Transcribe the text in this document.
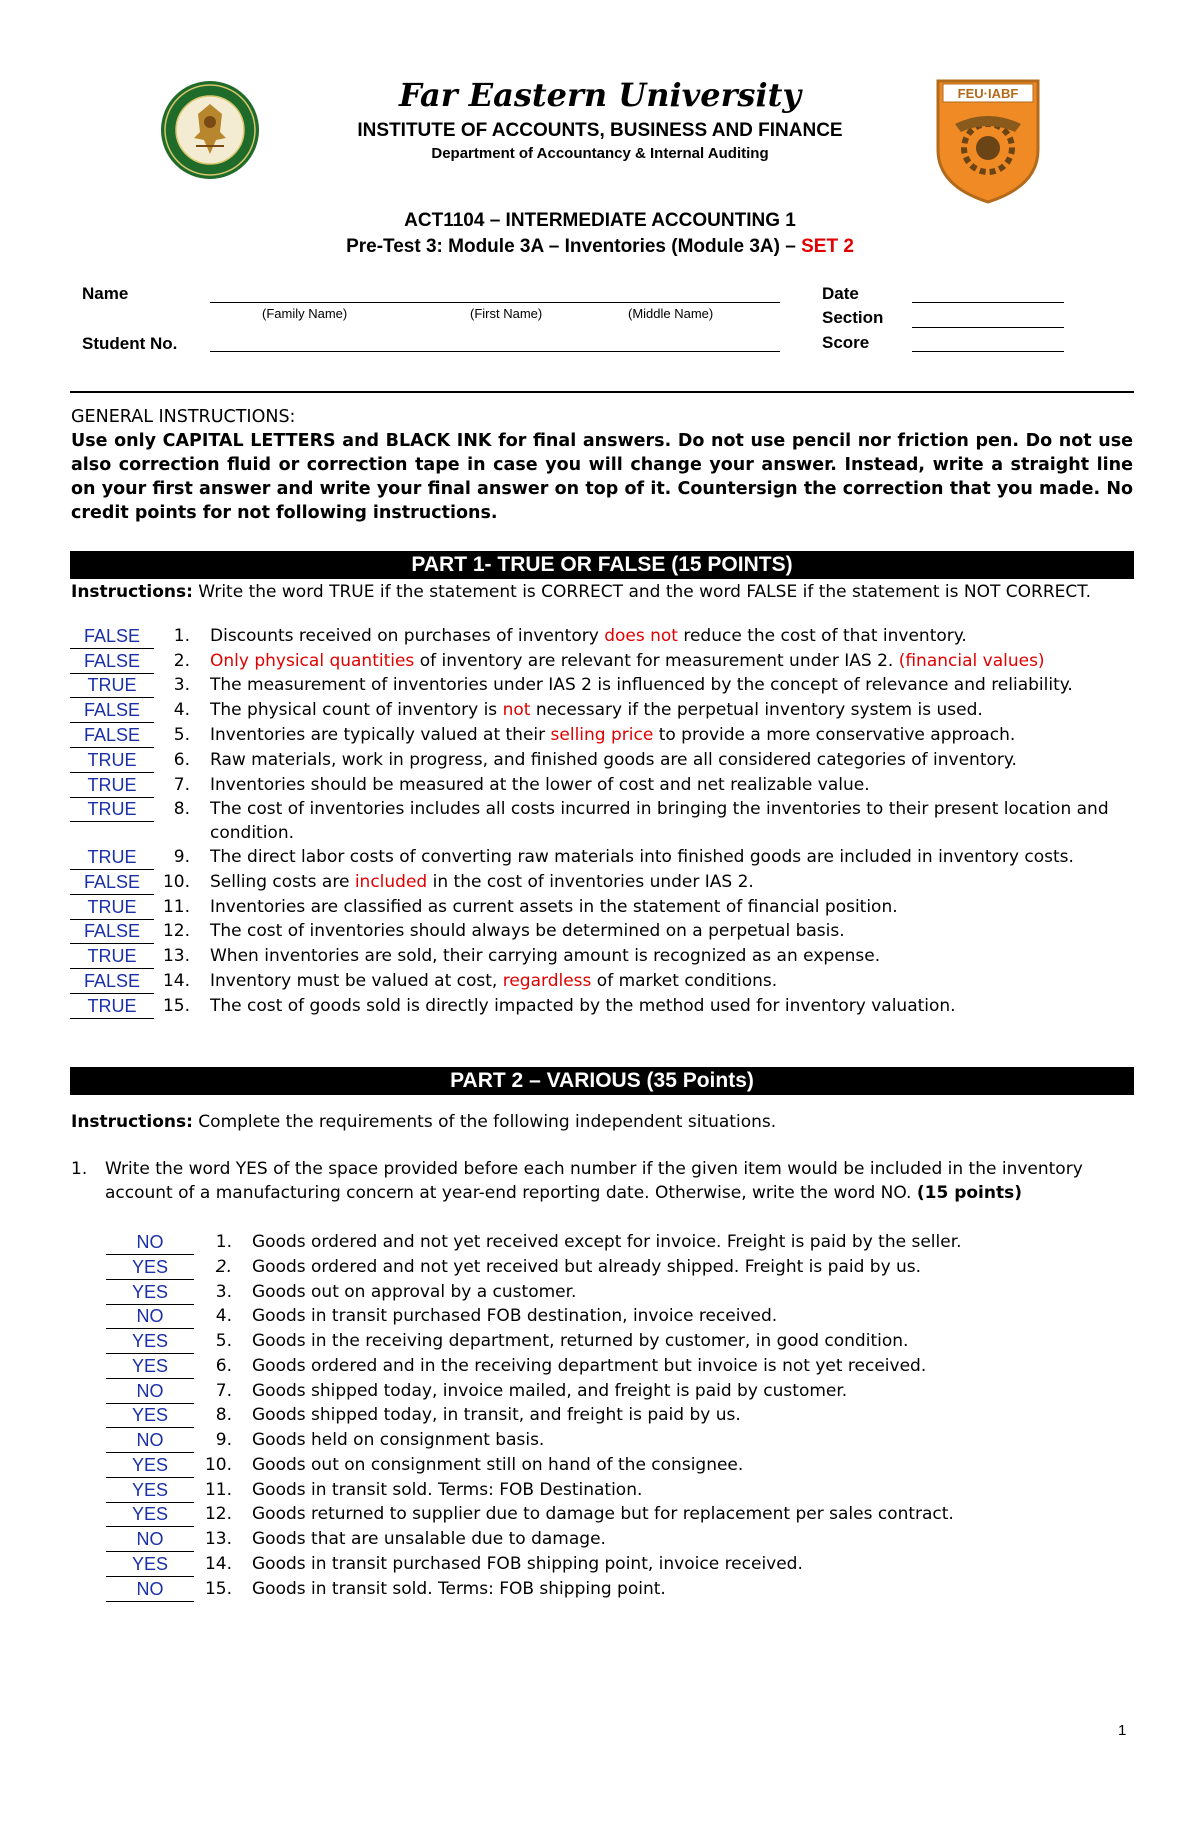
FEU·IABF
Far Eastern University
INSTITUTE OF ACCOUNTS, BUSINESS AND FINANCE
Department of Accountancy & Internal Auditing
ACT1104 – INTERMEDIATE ACCOUNTING 1
Pre-Test 3: Module 3A – Inventories (Module 3A) – SET 2
Name
(Family Name)	(First Name)	(Middle Name)
Student No.
Date
Section
Score
GENERAL INSTRUCTIONS:
Use only CAPITAL LETTERS and BLACK INK for final answers. Do not use pencil nor friction pen. Do not use also correction fluid or correction tape in case you will change your answer. Instead, write a straight line on your first answer and write your final answer on top of it. Countersign the correction that you made. No credit points for not following instructions.
PART 1- TRUE OR FALSE (15 POINTS)
Instructions: Write the word TRUE if the statement is CORRECT and the word FALSE if the statement is NOT CORRECT.
FALSE	1. Discounts received on purchases of inventory does not reduce the cost of that inventory.
FALSE	2. Only physical quantities of inventory are relevant for measurement under IAS 2. (financial values)
TRUE	3. The measurement of inventories under IAS 2 is influenced by the concept of relevance and reliability.
FALSE	4. The physical count of inventory is not necessary if the perpetual inventory system is used.
FALSE	5. Inventories are typically valued at their selling price to provide a more conservative approach.
TRUE	6. Raw materials, work in progress, and finished goods are all considered categories of inventory.
TRUE	7. Inventories should be measured at the lower of cost and net realizable value.
TRUE	8. The cost of inventories includes all costs incurred in bringing the inventories to their present location and condition.
TRUE	9. The direct labor costs of converting raw materials into finished goods are included in inventory costs.
FALSE	10. Selling costs are included in the cost of inventories under IAS 2.
TRUE	11. Inventories are classified as current assets in the statement of financial position.
FALSE	12. The cost of inventories should always be determined on a perpetual basis.
TRUE	13. When inventories are sold, their carrying amount is recognized as an expense.
FALSE	14. Inventory must be valued at cost, regardless of market conditions.
TRUE	15. The cost of goods sold is directly impacted by the method used for inventory valuation.
PART 2 – VARIOUS (35 Points)
Instructions: Complete the requirements of the following independent situations.
1. Write the word YES of the space provided before each number if the given item would be included in the inventory account of a manufacturing concern at year-end reporting date. Otherwise, write the word NO. (15 points)
NO	1. Goods ordered and not yet received except for invoice. Freight is paid by the seller.
YES	2. Goods ordered and not yet received but already shipped. Freight is paid by us.
YES	3. Goods out on approval by a customer.
NO	4. Goods in transit purchased FOB destination, invoice received.
YES	5. Goods in the receiving department, returned by customer, in good condition.
YES	6. Goods ordered and in the receiving department but invoice is not yet received.
NO	7. Goods shipped today, invoice mailed, and freight is paid by customer.
YES	8. Goods shipped today, in transit, and freight is paid by us.
NO	9. Goods held on consignment basis.
YES	10. Goods out on consignment still on hand of the consignee.
YES	11. Goods in transit sold. Terms: FOB Destination.
YES	12. Goods returned to supplier due to damage but for replacement per sales contract.
NO	13. Goods that are unsalable due to damage.
YES	14. Goods in transit purchased FOB shipping point, invoice received.
NO	15. Goods in transit sold. Terms: FOB shipping point.
1
